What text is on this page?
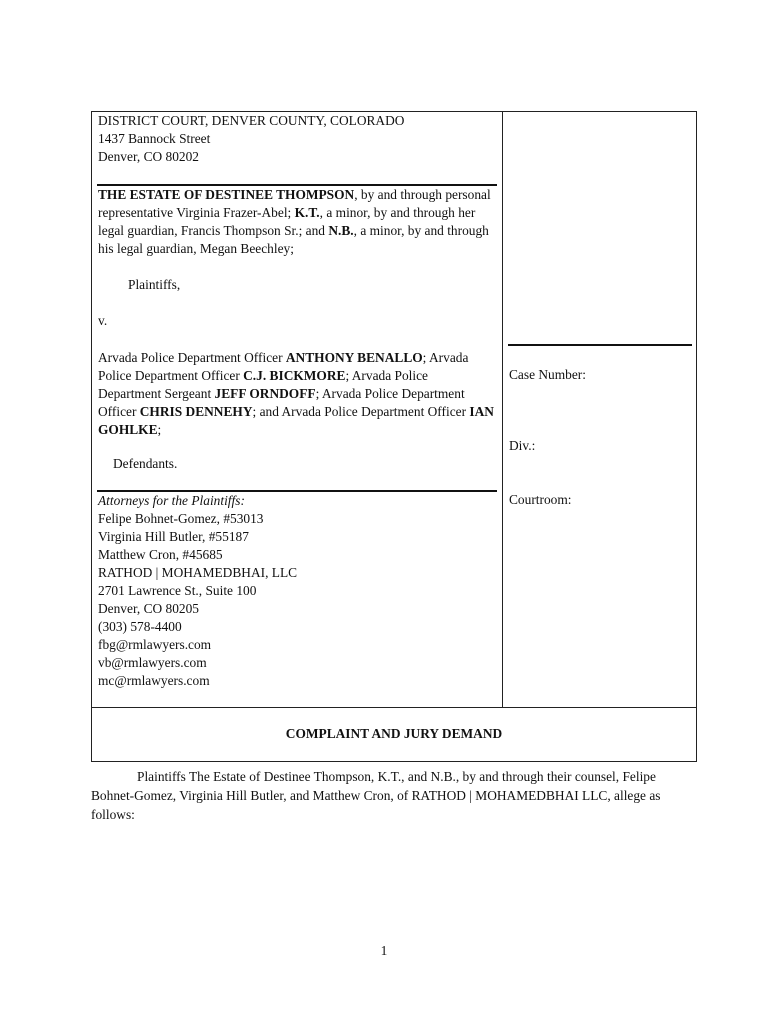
DISTRICT COURT, DENVER COUNTY, COLORADO
1437 Bannock Street
Denver, CO 80202

THE ESTATE OF DESTINEE THOMPSON, by and through personal representative Virginia Frazer-Abel; K.T., a minor, by and through her legal guardian, Francis Thompson Sr.; and N.B., a minor, by and through his legal guardian, Megan Beechley;

Plaintiffs,
v.

Arvada Police Department Officer ANTHONY BENALLO; Arvada Police Department Officer C.J. BICKMORE; Arvada Police Department Sergeant JEFF ORNDOFF; Arvada Police Department Officer CHRIS DENNEHY; and Arvada Police Department Officer IAN GOHLKE;

Defendants.
Attorneys for the Plaintiffs:
Felipe Bohnet-Gomez, #53013
Virginia Hill Butler, #55187
Matthew Cron, #45685
RATHOD | MOHAMEDBHAI, LLC
2701 Lawrence St., Suite 100
Denver, CO 80205
(303) 578-4400
fbg@rmlawyers.com
vb@rmlawyers.com
mc@rmlawyers.com
Case Number:
Div.:
Courtroom:
COMPLAINT AND JURY DEMAND

Plaintiffs The Estate of Destinee Thompson, K.T., and N.B., by and through their counsel, Felipe Bohnet-Gomez, Virginia Hill Butler, and Matthew Cron, of RATHOD | MOHAMEDBHAI LLC, allege as follows:

1
